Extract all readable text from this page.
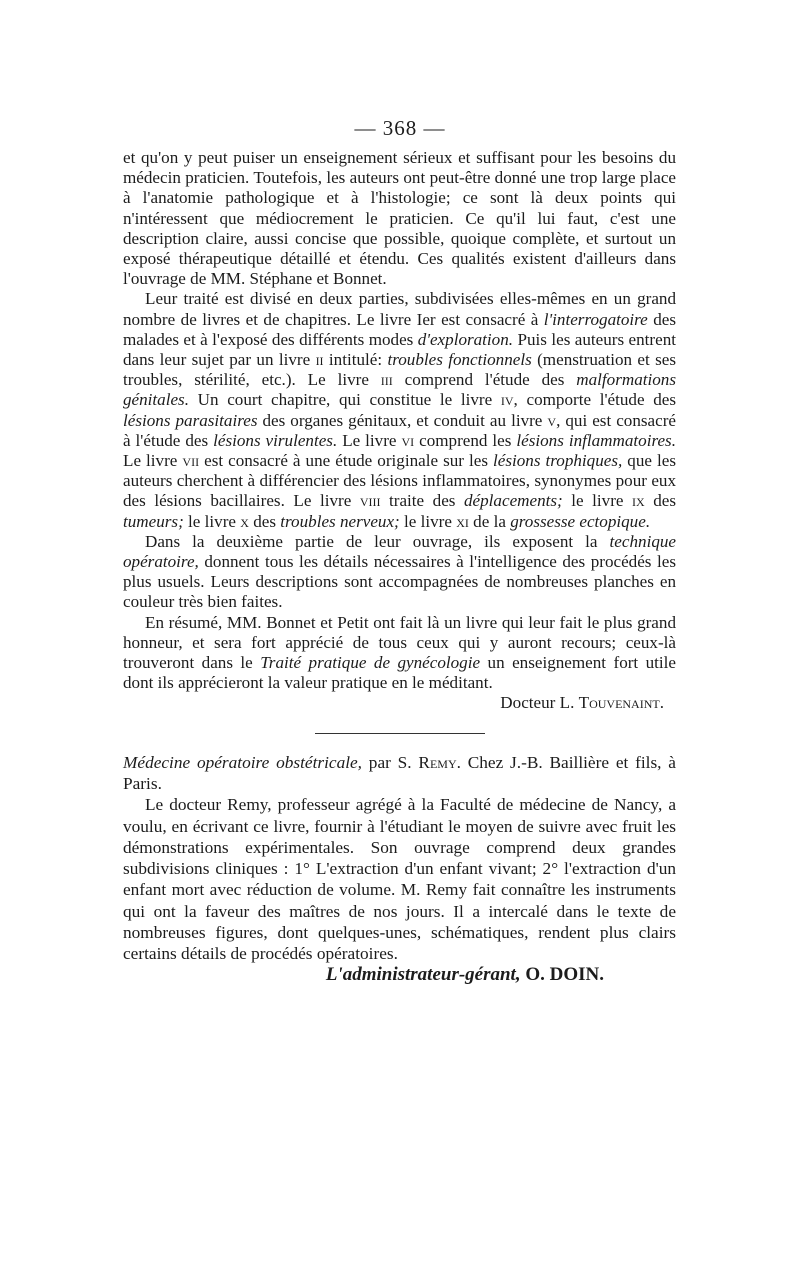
— 368 —

et qu'on y peut puiser un enseignement sérieux et suffisant pour les besoins du médecin praticien. Toutefois, les auteurs ont peut-être donné une trop large place à l'anatomie pathologique et à l'histologie; ce sont là deux points qui n'intéressent que médiocrement le praticien. Ce qu'il lui faut, c'est une description claire, aussi concise que possible, quoique complète, et surtout un exposé thérapeutique détaillé et étendu. Ces qualités existent d'ailleurs dans l'ouvrage de MM. Stéphane et Bonnet.

Leur traité est divisé en deux parties, subdivisées elles-mêmes en un grand nombre de livres et de chapitres. Le livre Ier est consacré à l'interrogatoire des malades et à l'exposé des différents modes d'exploration. Puis les auteurs entrent dans leur sujet par un livre ii intitulé: troubles fonctionnels (menstruation et ses troubles, stérilité, etc.). Le livre iii comprend l'étude des malformations génitales. Un court chapitre, qui constitue le livre iv, comporte l'étude des lésions parasitaires des organes génitaux, et conduit au livre v, qui est consacré à l'étude des lésions virulentes. Le livre vi comprend les lésions inflammatoires. Le livre vii est consacré à une étude originale sur les lésions trophiques, que les auteurs cherchent à différencier des lésions inflammatoires, synonymes pour eux des lésions bacillaires. Le livre viii traite des déplacements; le livre ix des tumeurs; le livre x des troubles nerveux; le livre xi de la grossesse ectopique.

Dans la deuxième partie de leur ouvrage, ils exposent la technique opératoire, donnent tous les détails nécessaires à l'intelligence des procédés les plus usuels. Leurs descriptions sont accompagnées de nombreuses planches en couleur très bien faites.

En résumé, MM. Bonnet et Petit ont fait là un livre qui leur fait le plus grand honneur, et sera fort apprécié de tous ceux qui y auront recours; ceux-là trouveront dans le Traité pratique de gynécologie un enseignement fort utile dont ils apprécieront la valeur pratique en le méditant.

Docteur L. Touvenaint.

Médecine opératoire obstétricale, par S. Remy. Chez J.-B. Baillière et fils, à Paris.

Le docteur Remy, professeur agrégé à la Faculté de médecine de Nancy, a voulu, en écrivant ce livre, fournir à l'étudiant le moyen de suivre avec fruit les démonstrations expérimentales. Son ouvrage comprend deux grandes subdivisions cliniques : 1° L'extraction d'un enfant vivant; 2° l'extraction d'un enfant mort avec réduction de volume. M. Remy fait connaître les instruments qui ont la faveur des maîtres de nos jours. Il a intercalé dans le texte de nombreuses figures, dont quelques-unes, schématiques, rendent plus clairs certains détails de procédés opératoires.

L'administrateur-gérant, O. DOIN.
